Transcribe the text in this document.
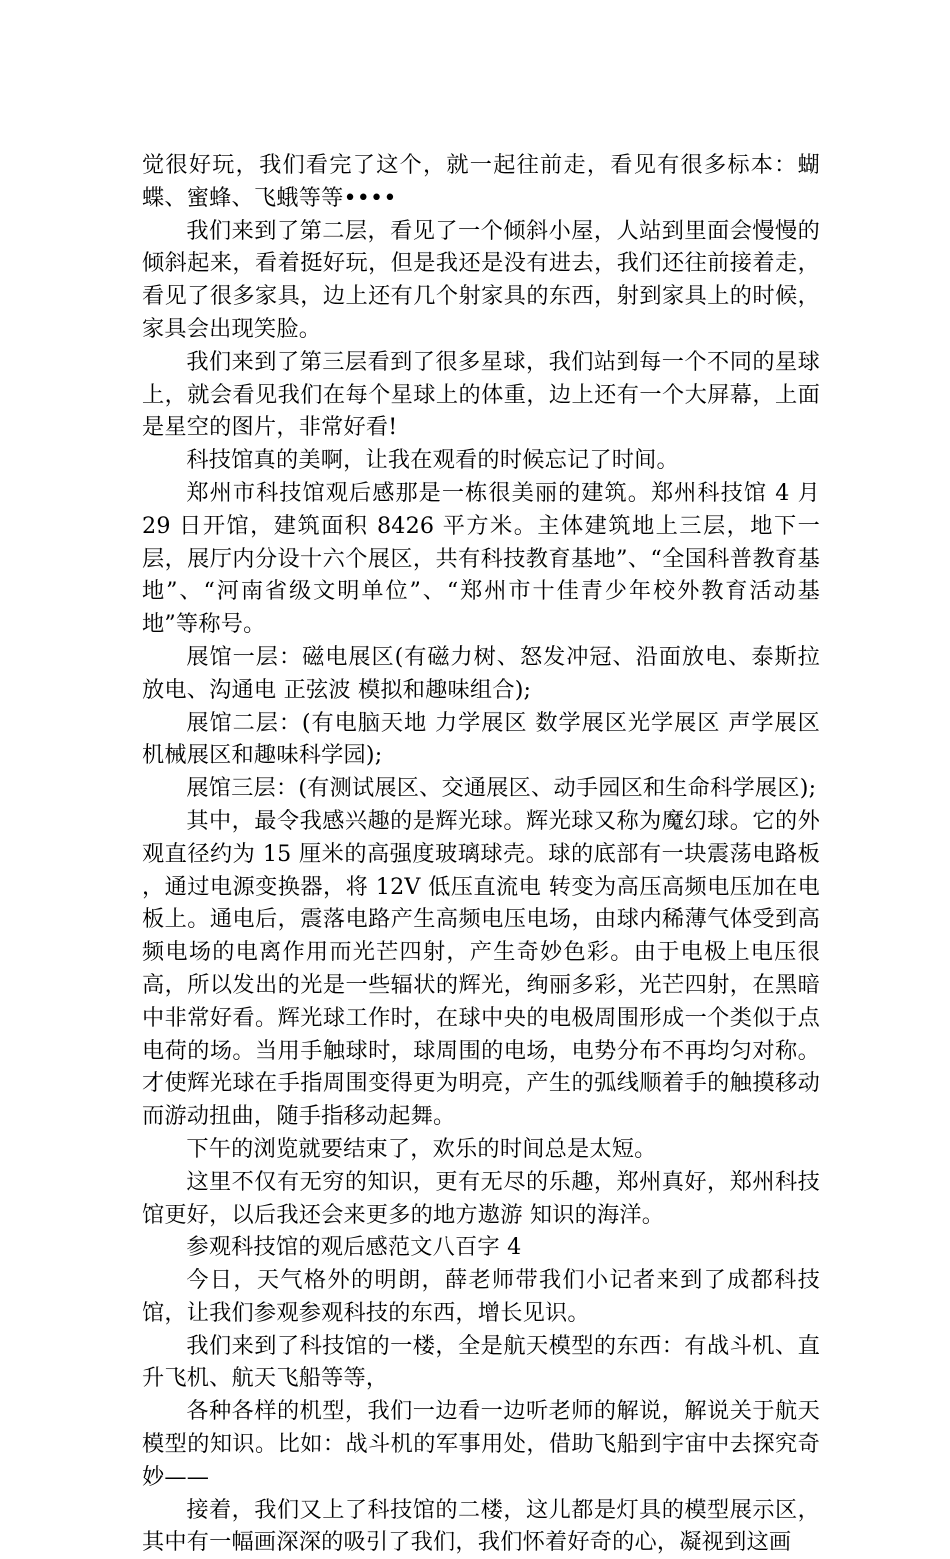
觉很好玩，我们看完了这个，就一起往前走，看见有很多标本：蝴蝶、蜜蜂、飞蛾等等••••

我们来到了第二层，看见了一个倾斜小屋，人站到里面会慢慢的倾斜起来，看着挺好玩，但是我还是没有进去，我们还往前接着走，看见了很多家具，边上还有几个射家具的东西，射到家具上的时候，家具会出现笑脸。

我们来到了第三层看到了很多星球，我们站到每一个不同的星球上，就会看见我们在每个星球上的体重，边上还有一个大屏幕，上面是星空的图片，非常好看!

科技馆真的美啊，让我在观看的时候忘记了时间。

郑州市科技馆观后感那是一栋很美丽的建筑。郑州科技馆 4 月 29 日开馆，建筑面积 8426 平方米。主体建筑地上三层，地下一层，展厅内分设十六个展区，共有科技教育基地”、“全国科普教育基地”、“河南省级文明单位”、“郑州市十佳青少年校外教育活动基地”等称号。

展馆一层：磁电展区(有磁力树、怒发冲冠、沿面放电、泰斯拉放电、沟通电 正弦波 模拟和趣味组合);

展馆二层：(有电脑天地 力学展区 数学展区光学展区 声学展区 机械展区和趣味科学园);

展馆三层：(有测试展区、交通展区、动手园区和生命科学展区);

其中，最令我感兴趣的是辉光球。辉光球又称为魔幻球。它的外观直径约为 15 厘米的高强度玻璃球壳。球的底部有一块震荡电路板 ，通过电源变换器，将 12V 低压直流电 转变为高压高频电压加在电板上。通电后，震落电路产生高频电压电场，由球内稀薄气体受到高频电场的电离作用而光芒四射，产生奇妙色彩。由于电极上电压很高，所以发出的光是一些辐状的辉光，绚丽多彩，光芒四射，在黑暗中非常好看。辉光球工作时，在球中央的电极周围形成一个类似于点电荷的场。当用手触球时，球周围的电场，电势分布不再均匀对称。才使辉光球在手指周围变得更为明亮，产生的弧线顺着手的触摸移动而游动扭曲，随手指移动起舞。

下午的浏览就要结束了，欢乐的时间总是太短。

这里不仅有无穷的知识，更有无尽的乐趣，郑州真好，郑州科技馆更好，以后我还会来更多的地方遨游 知识的海洋。

参观科技馆的观后感范文八百字 4

今日，天气格外的明朗，薛老师带我们小记者来到了成都科技馆，让我们参观参观科技的东西，增长见识。

我们来到了科技馆的一楼，全是航天模型的东西：有战斗机、直升飞机、航天飞船等等，

各种各样的机型，我们一边看一边听老师的解说，解说关于航天模型的知识。比如：战斗机的军事用处，借助飞船到宇宙中去探究奇妙——

接着，我们又上了科技馆的二楼，这儿都是灯具的模型展示区，其中有一幅画深深的吸引了我们，我们怀着好奇的心，凝视到这画
